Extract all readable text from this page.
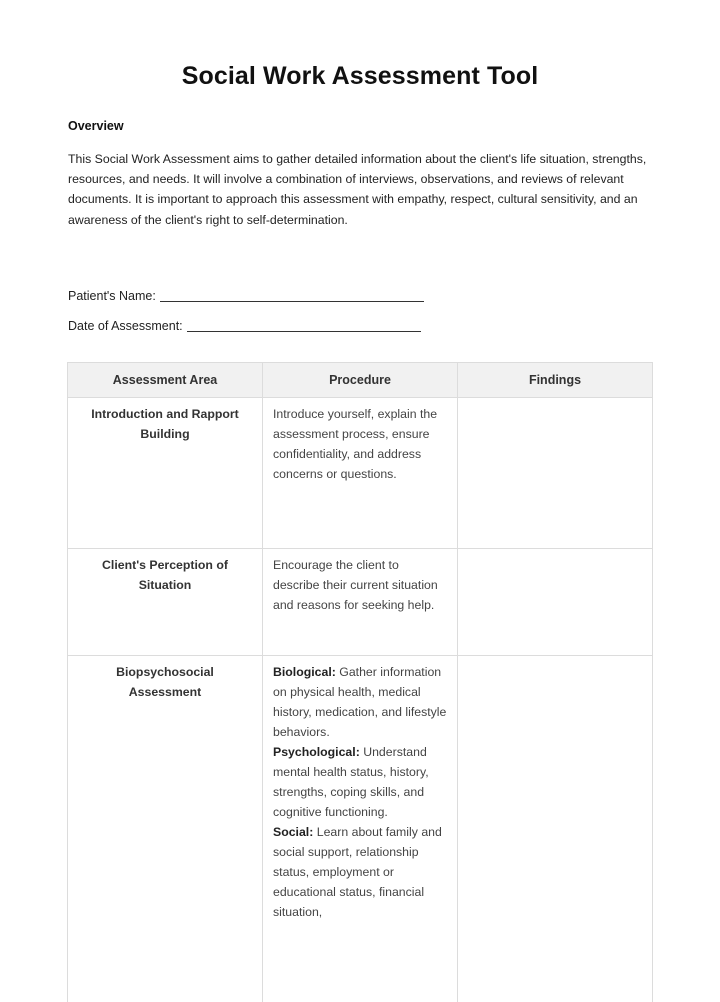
Social Work Assessment Tool
Overview
This Social Work Assessment aims to gather detailed information about the client's life situation, strengths, resources, and needs. It will involve a combination of interviews, observations, and reviews of relevant documents. It is important to approach this assessment with empathy, respect, cultural sensitivity, and an awareness of the client's right to self-determination.
Patient's Name:
Date of Assessment:
Assessment Area	Procedure	Findings
Introduction and Rapport Building	Introduce yourself, explain the assessment process, ensure confidentiality, and address concerns or questions.	
Client's Perception of Situation	Encourage the client to describe their current situation and reasons for seeking help.	
Biopsychosocial Assessment	Biological: Gather information on physical health, medical history, medication, and lifestyle behaviors.
Psychological: Understand mental health status, history, strengths, coping skills, and cognitive functioning.
Social: Learn about family and social support, relationship status, employment or educational status, financial situation,	
